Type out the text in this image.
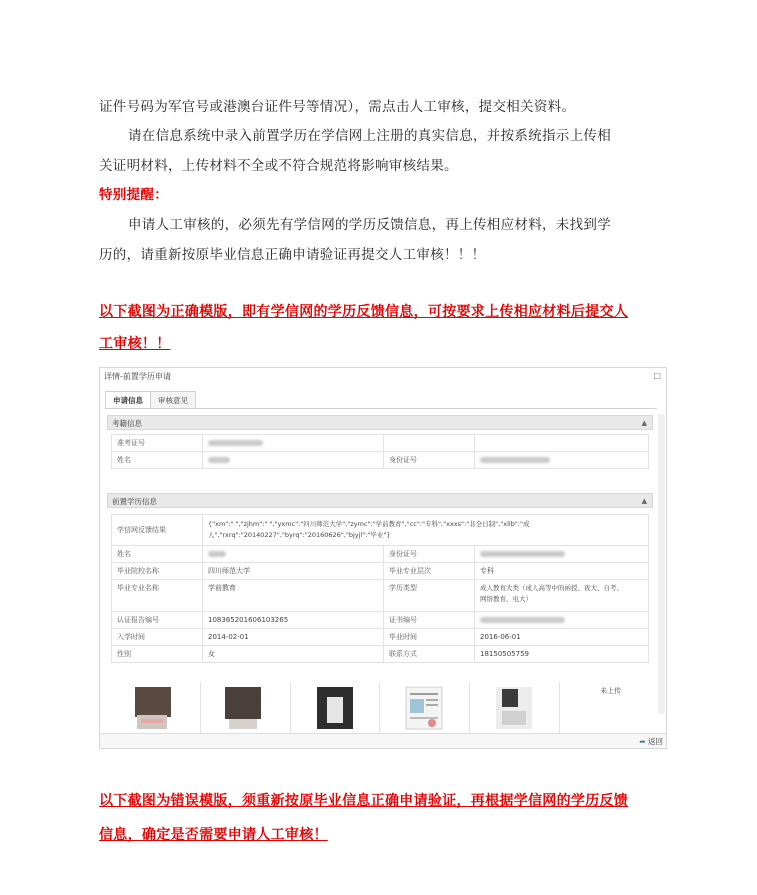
证件号码为军官号或港澳台证件号等情况），需点击人工审核，提交相关资料。
请在信息系统中录入前置学历在学信网上注册的真实信息，并按系统指示上传相
关证明材料，上传材料不全或不符合规范将影响审核结果。
特别提醒：
申请人工审核的，必须先有学信网的学历反馈信息，再上传相应材料，未找到学
历的，请重新按原毕业信息正确申请验证再提交人工审核！！！
以下截图为正确模版，即有学信网的学历反馈信息，可按要求上传相应材料后提交人
工审核！！
详情-前置学历申请	□
申请信息	审核意见
考籍信息	▲
准考证号			
姓名		身份证号	
前置学历信息	▲
学信网反馈结果	{"xm":" ","zjhm":" ","yxmc":"四川师范大学","zymc":"学前教育","cc":"专科","xxxs":"非全日制","xllb":"成
人","rxrq":"20140227","byrq":"20160626","bjyjl":"毕业"}		

姓名		身份证号	
毕业院校名称	四川师范大学	毕业专业层次	专科
毕业专业名称	学前教育	学历类型	成人教育大类（成人高等中的函授、夜大、自考、
网络教育、电大）

认证报告编号	10836520160610326​5	证书编号	
入学时间	2014-02-01	毕业时间	2016-06-01
性别	女	联系方式	18150505759
未上传
➦ 返回
以下截图为错误模版，须重新按原毕业信息正确申请验证，再根据学信网的学历反馈
信息，确定是否需要申请人工审核！
